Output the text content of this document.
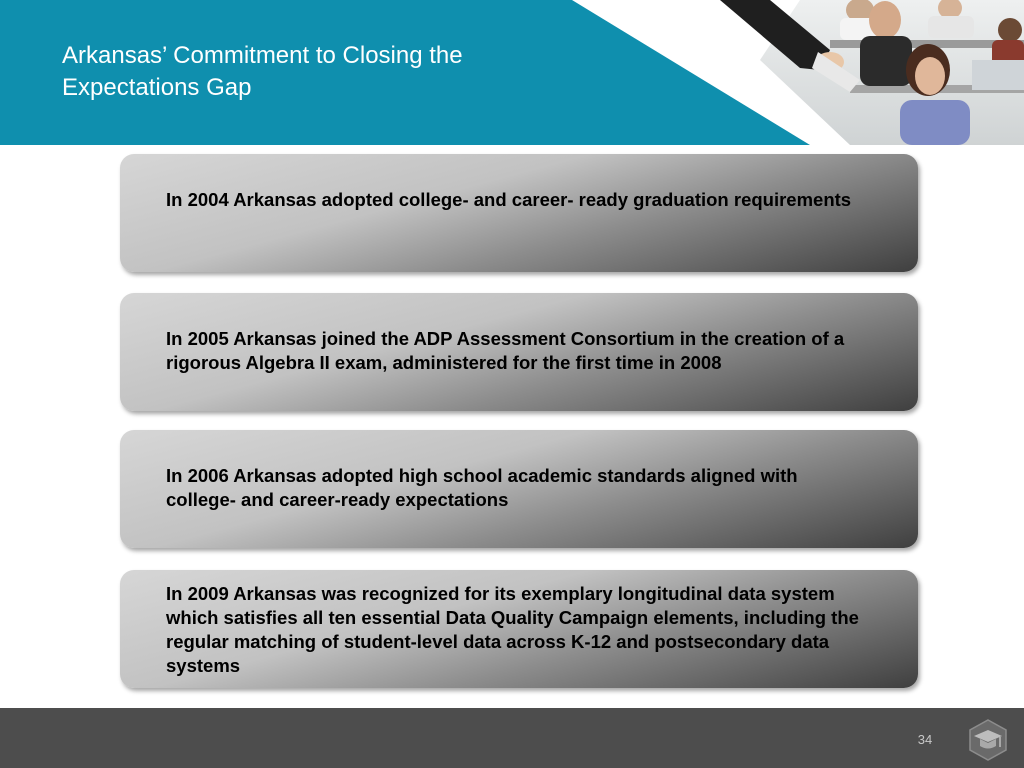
Arkansas’ Commitment to Closing the Expectations Gap
In 2004 Arkansas adopted college- and career- ready graduation requirements
In 2005 Arkansas joined the ADP Assessment Consortium in the creation of a rigorous Algebra II exam, administered for the first time in 2008
In 2006 Arkansas adopted high school academic standards aligned with college- and career-ready expectations
In 2009 Arkansas was recognized for its exemplary longitudinal data system which satisfies all ten essential Data Quality Campaign elements, including the regular matching of student-level data across K-12 and postsecondary data systems
34
